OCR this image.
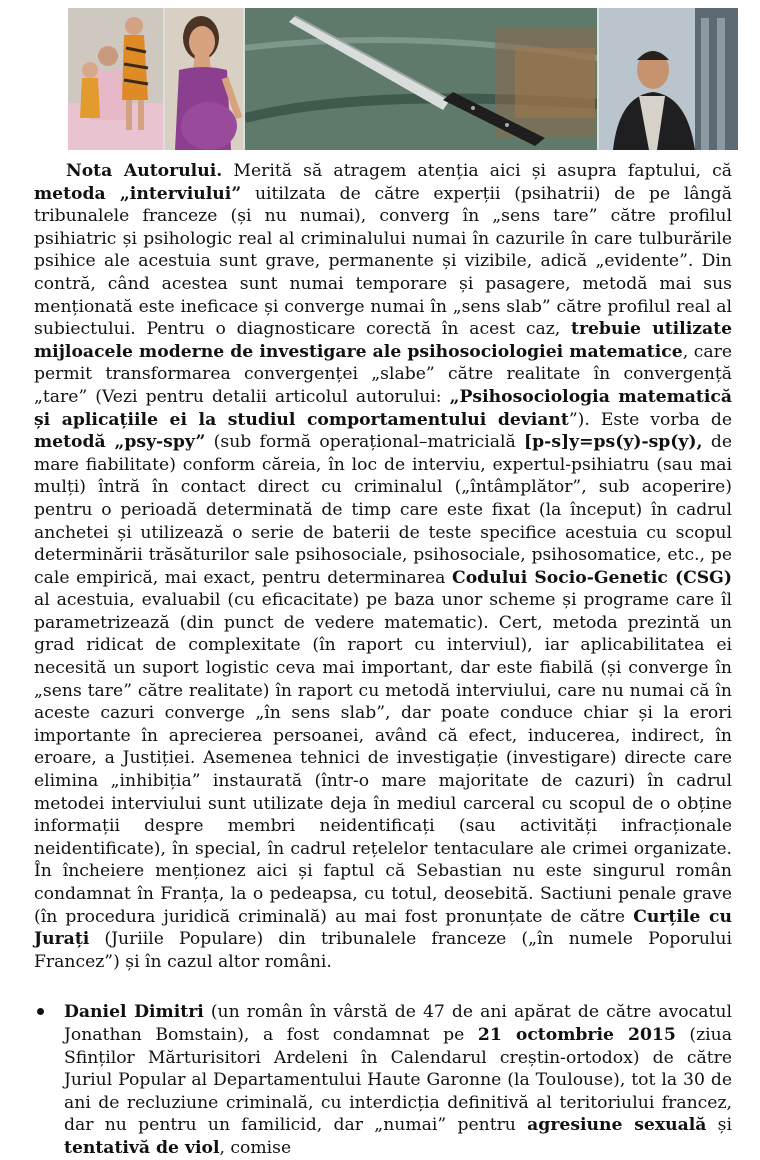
Nota Autorului. Merită să atragem atenția aici și asupra faptului, că metoda „interviului” uitilzata de către experții (psihatrii) de pe lângă tribunalele franceze (și nu numai), converg în „sens tare” către profilul psihiatric și psihologic real al criminalului numai în cazurile în care tulburările psihice ale acestuia sunt grave, permanente și vizibile, adică „evidente”. Din contră, când acestea sunt numai temporare și pasagere, metodă mai sus menționată este ineficace și converge numai în „sens slab” către profilul real al subiectului. Pentru o diagnosticare corectă în acest caz, trebuie utilizate mijloacele moderne de investigare ale psihosociologiei matematice, care permit transformarea convergenței „slabe” către realitate în convergență „tare” (Vezi pentru detalii articolul autorului: „Psihosociologia matematică și aplicațiile ei la studiul comportamentului deviant”). Este vorba de metodă „psy-spy” (sub formă operațional–matricială [p-s]y=ps(y)-sp(y), de mare fiabilitate) conform căreia, în loc de interviu, expertul-psihiatru (sau mai mulți) întră în contact direct cu criminalul („întâmplător”, sub acoperire) pentru o perioadă determinată de timp care este fixat (la început) în cadrul anchetei și utilizează o serie de baterii de teste specifice acestuia cu scopul determinării trăsăturilor sale psihosociale, psihosociale, psihosomatice, etc., pe cale empirică, mai exact, pentru determinarea Codului Socio-Genetic (CSG) al acestuia, evaluabil (cu eficacitate) pe baza unor scheme și programe care îl parametrizează (din punct de vedere matematic). Cert, metoda prezintă un grad ridicat de complexitate (în raport cu interviul), iar aplicabilitatea ei necesită un suport logistic ceva mai important, dar este fiabilă (și converge în „sens tare” către realitate) în raport cu metodă interviului, care nu numai că în aceste cazuri converge „în sens slab”, dar poate conduce chiar și la erori importante în aprecierea persoanei, având că efect, inducerea, indirect, în eroare, a Justiției. Asemenea tehnici de investigație (investigare) directe care elimina „inhibiția” instaurată (într-o mare majoritate de cazuri) în cadrul metodei interviului sunt utilizate deja în mediul carceral cu scopul de o obține informații despre membri neidentificați (sau activități infracționale neidentificate), în special, în cadrul rețelelor tentaculare ale crimei organizate. În încheiere menționez aici și faptul că Sebastian nu este singurul român condamnat în Franța, la o pedeapsa, cu totul, deosebită. Sactiuni penale grave (în procedura juridică criminală) au mai fost pronunțate de către Curțile cu Jurați (Juriile Populare) din tribunalele franceze („în numele Poporului Francez”) și în cazul altor români.

Daniel Dimitri (un român în vârstă de 47 de ani apărat de către avocatul Jonathan Bomstain), a fost condamnat pe 21 octombrie 2015 (ziua Sfinților Mărturisitori Ardeleni în Calendarul creștin-ortodox) de către Juriul Popular al Departamentului Haute Garonne (la Toulouse), tot la 30 de ani de recluziune criminală, cu interdicția definitivă al teritoriului francez, dar nu pentru un familicid, dar „numai” pentru agresiune sexuală și tentativă de viol, comise
